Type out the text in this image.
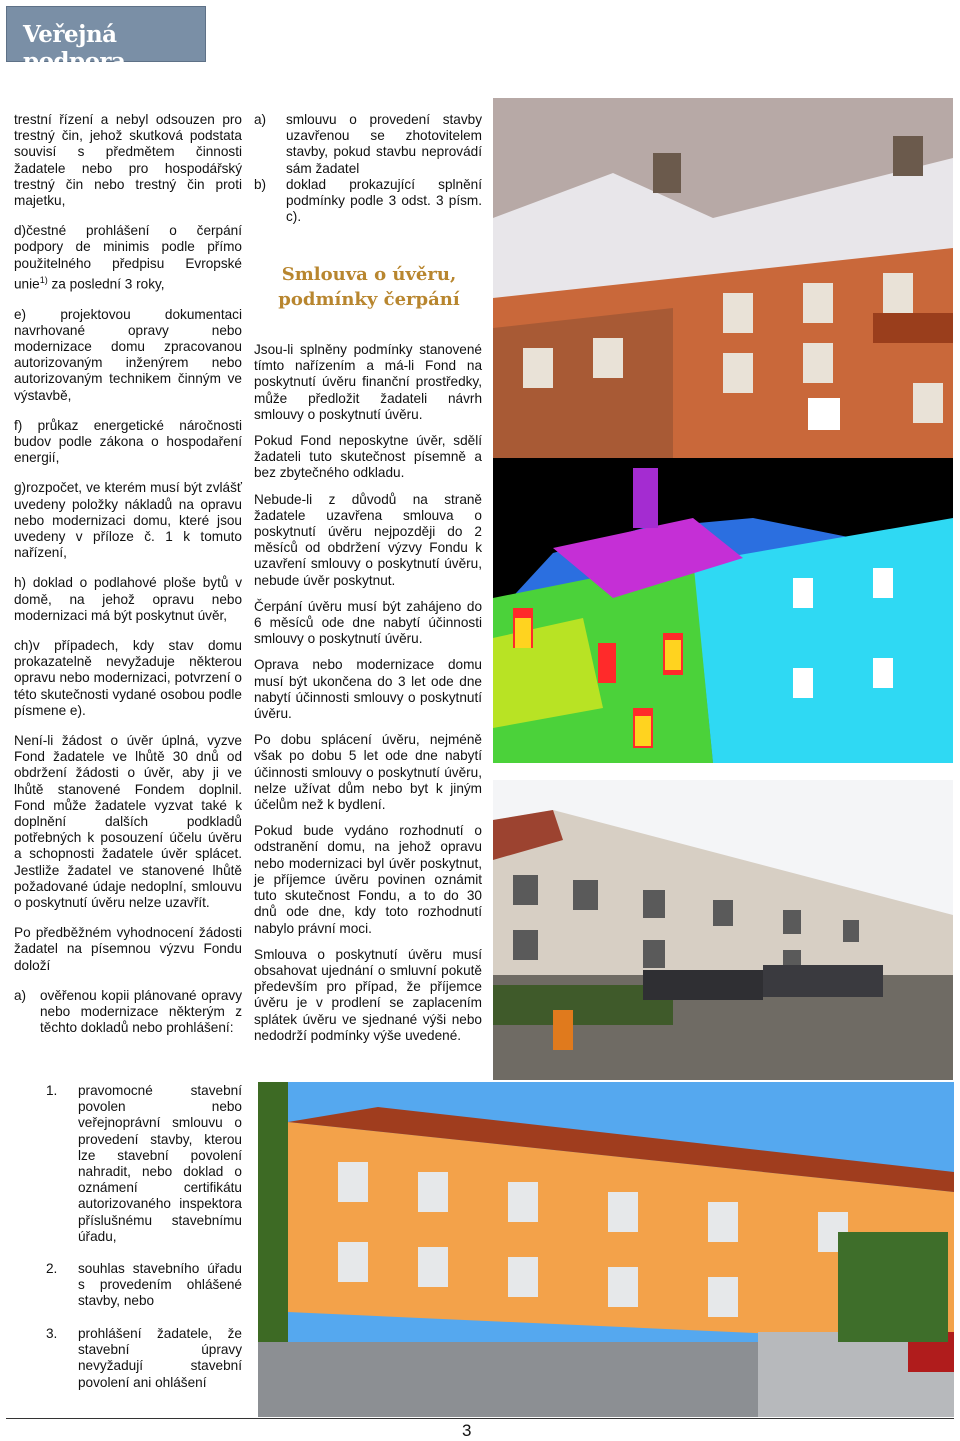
Veřejná podpora

trestní řízení a nebyl odsouzen pro trestný čin, jehož skutková podstata souvisí s předmětem činnosti žadatele nebo pro hospodářský trestný čin nebo trestný čin proti majetku,

d)čestné prohlášení o čerpání podpory de minimis podle přímo použitelného předpisu Evropské unie$^{1)}$ za poslední 3 roky,

e) projektovou dokumentaci navrhované opravy nebo modernizace domu zpracovanou autorizovaným inženýrem nebo autorizovaným technikem činným ve výstavbě,

f) průkaz energetické náročnosti budov podle zákona o hospodaření energií,

g)rozpočet, ve kterém musí být zvlášť uvedeny položky nákladů na opravu nebo modernizaci domu, které jsou uvedeny v příloze č. 1 k tomuto nařízení,

h) doklad o podlahové ploše bytů v domě, na jehož opravu nebo modernizaci má být poskytnut úvěr,

ch)v případech, kdy stav domu prokazatelně nevyžaduje některou opravu nebo modernizaci, potvrzení o této skutečnosti vydané osobou podle písmene e).

Není-li žádost o úvěr úplná, vyzve Fond žadatele ve lhůtě 30 dnů od obdržení žádosti o úvěr, aby ji ve lhůtě stanovené Fondem doplnil. Fond může žadatele vyzvat také k doplnění dalších podkladů potřebných k posouzení účelu úvěru a schopnosti žadatele úvěr splácet. Jestliže žadatel ve stanovené lhůtě požadované údaje nedoplní, smlouvu o poskytnutí úvěru nelze uzavřít.

Po předběžném vyhodnocení žádosti žadatel na písemnou výzvu Fondu doloží

a) ověřenou kopii plánované opravy nebo modernizace některým z těchto dokladů nebo prohlášení:
1. pravomocné stavební povolen nebo veřejnoprávní smlouvu o provedení stavby, kterou lze stavební povolení nahradit, nebo doklad o oznámení certifikátu autorizovaného inspektora příslušnému stavebnímu úřadu,
2. souhlas stavebního úřadu s provedením ohlášené stavby, nebo
3. prohlášení žadatele, že stavební úpravy nevyžadují stavební povolení ani ohlášení
a) smlouvu o provedení stavby uzavřenou se zhotovitelem stavby, pokud stavbu neprovádí sám žadatel
b) doklad prokazující splnění podmínky podle 3 odst. 3 písm. c).
Smlouva o úvěru,
podmínky čerpání

Jsou-li splněny podmínky stanovené tímto nařízením a má-li Fond na poskytnutí úvěru finanční prostředky, může předložit žadateli návrh smlouvy o poskytnutí úvěru.

Pokud Fond neposkytne úvěr, sdělí žadateli tuto skutečnost písemně a bez zbytečného odkladu.

Nebude-li z důvodů na straně žadatele uzavřena smlouva o poskytnutí úvěru nejpozději do 2 měsíců od obdržení výzvy Fondu k uzavření smlouvy o poskytnutí úvěru, nebude úvěr poskytnut.

Čerpání úvěru musí být zahájeno do 6 měsíců ode dne nabytí účinnosti smlouvy o poskytnutí úvěru.

Oprava nebo modernizace domu musí být ukončena do 3 let ode dne nabytí účinnosti smlouvy o poskytnutí úvěru.

Po dobu splácení úvěru, nejméně však po dobu 5 let ode dne nabytí účinnosti smlouvy o poskytnutí úvěru, nelze užívat dům nebo byt k jiným účelům než k bydlení.

Pokud bude vydáno rozhodnutí o odstranění domu, na jehož opravu nebo modernizaci byl úvěr poskytnut, je příjemce úvěru povinen oznámit tuto skutečnost Fondu, a to do 30 dnů ode dne, kdy toto rozhodnutí nabylo právní moci.

Smlouva o poskytnutí úvěru musí obsahovat ujednání o smluvní pokutě především pro případ, že příjemce úvěru je v prodlení se zaplacením splátek úvěru ve sjednané výši nebo nedodrží podmínky výše uvedené.

3
